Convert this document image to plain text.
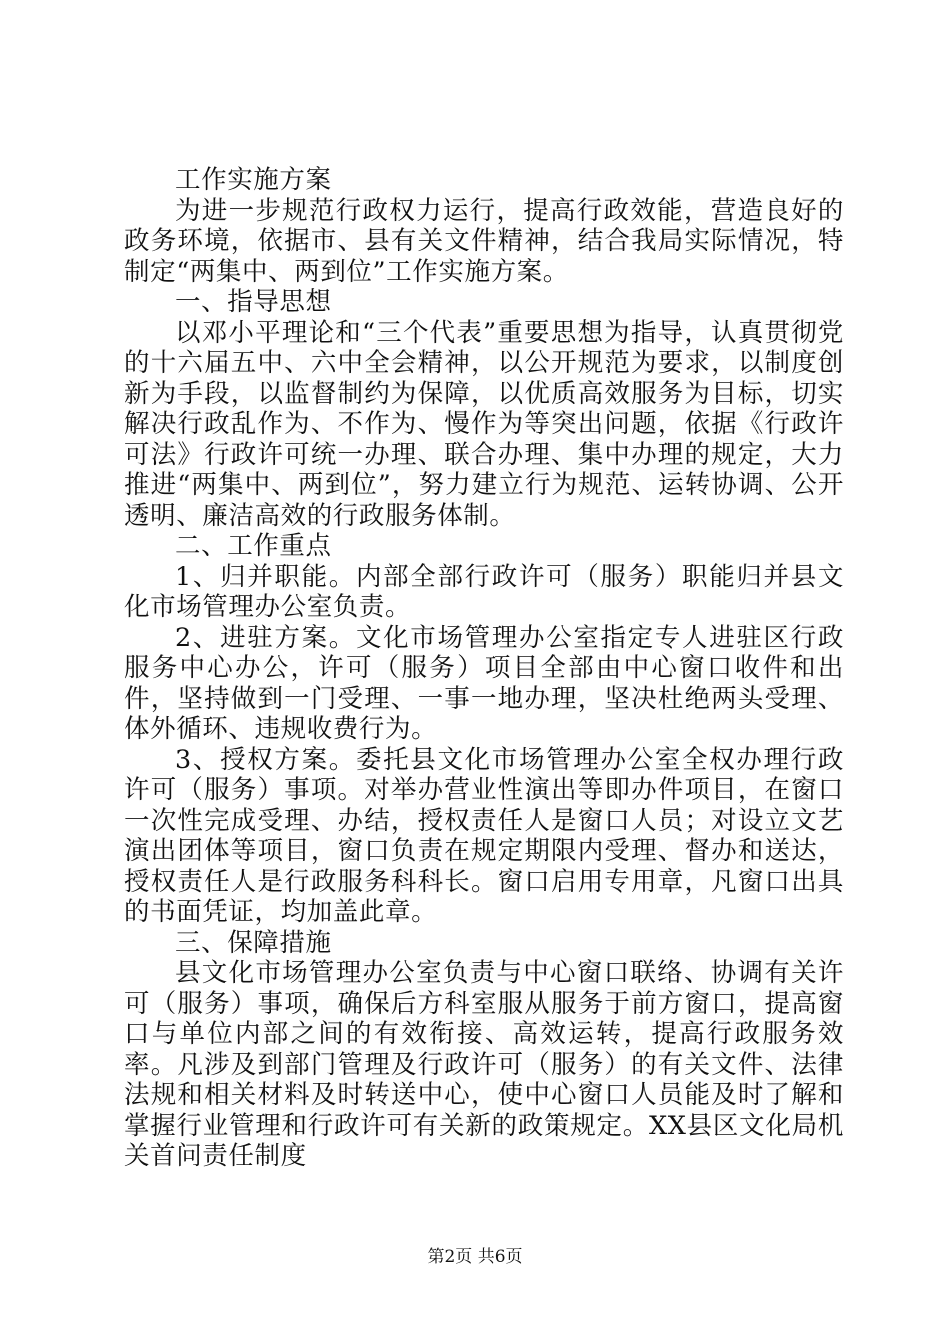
工作实施方案

为进一步规范行政权力运行，提高行政效能，营造良好的政务环境，依据市、县有关文件精神，结合我局实际情况，特制定“两集中、两到位”工作实施方案。

一、指导思想

以邓小平理论和“三个代表”重要思想为指导，认真贯彻党的十六届五中、六中全会精神，以公开规范为要求，以制度创新为手段，以监督制约为保障，以优质高效服务为目标，切实解决行政乱作为、不作为、慢作为等突出问题，依据《行政许可法》行政许可统一办理、联合办理、集中办理的规定，大力推进“两集中、两到位”，努力建立行为规范、运转协调、公开透明、廉洁高效的行政服务体制。

二、工作重点

1、归并职能。内部全部行政许可（服务）职能归并县文化市场管理办公室负责。

2、进驻方案。文化市场管理办公室指定专人进驻区行政服务中心办公，许可（服务）项目全部由中心窗口收件和出件，坚持做到一门受理、一事一地办理，坚决杜绝两头受理、体外循环、违规收费行为。

3、授权方案。委托县文化市场管理办公室全权办理行政许可（服务）事项。对举办营业性演出等即办件项目，在窗口一次性完成受理、办结，授权责任人是窗口人员；对设立文艺演出团体等项目，窗口负责在规定期限内受理、督办和送达，授权责任人是行政服务科科长。窗口启用专用章，凡窗口出具的书面凭证，均加盖此章。

三、保障措施

县文化市场管理办公室负责与中心窗口联络、协调有关许可（服务）事项，确保后方科室服从服务于前方窗口，提高窗口与单位内部之间的有效衔接、高效运转，提高行政服务效率。凡涉及到部门管理及行政许可（服务）的有关文件、法律法规和相关材料及时转送中心，使中心窗口人员能及时了解和掌握行业管理和行政许可有关新的政策规定。XX县区文化局机关首问责任制度

第2页 共6页
